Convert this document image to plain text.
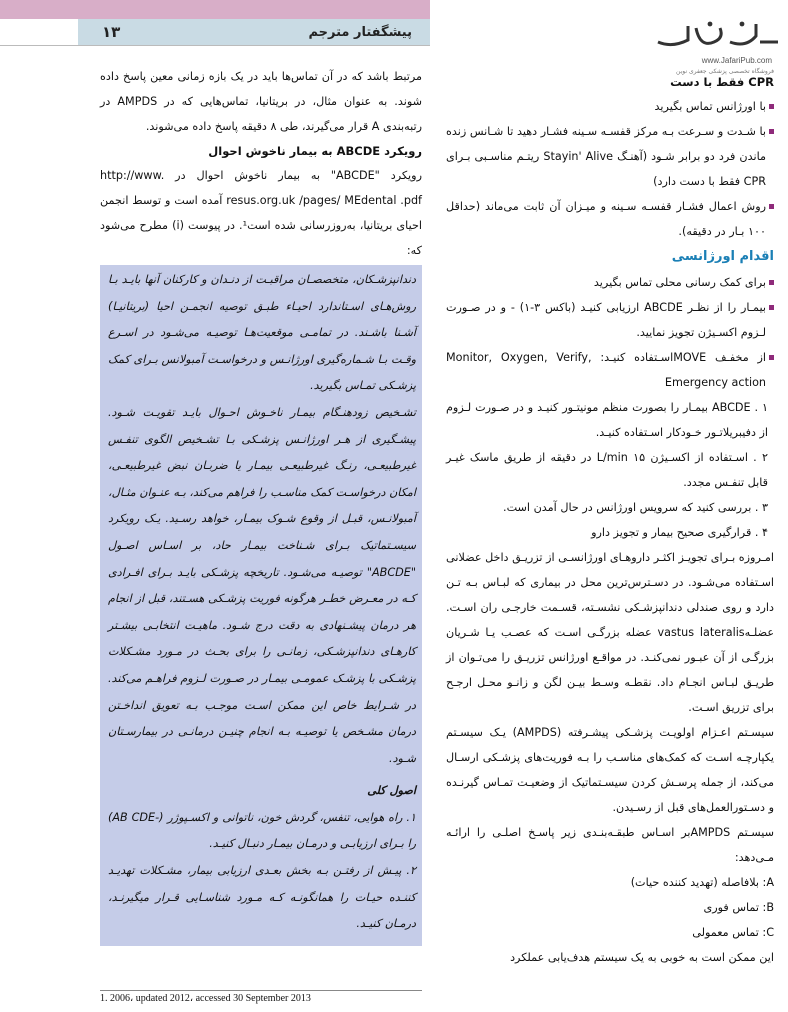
۱۳	پیشگفتار مترجم
www.JafariPub.com
فروشگاه تخصصی پزشکی جعفری نوین

CPR فقط با دست

با اورژانس تماس بگیرید

با شـدت و سـرعت بـه مرکز قفسـه سـینه فشـار دهید تا شـانس زنده ماندن فرد دو برابر شـود (آهنـگ Stayin' Alive ریتـم مناسـبی بـرای CPR فقط با دست دارد)

روش اعمال فشـار قفسـه سـینه و میـزان آن ثابت می‌ماند (حداقل ۱۰۰ بـار در دقیقه).

اقدام اورژانسی

برای کمک رسانی محلی تماس بگیرید

بیمـار را از نظـر ABCDE ارزیابی کنیـد (باکس ۳-۱) - و در صـورت لـزوم اکسـیژن تجویز نمایید.

از مخفـف MOVEاسـتفاده کنیـد: Monitor, Oxygen, Verify, Emergency action

۱ . ABCDE بیمـار را بصورت منظم مونیتـور کنیـد و در صـورت لـزوم از دفیبریلاتـور خـودکار اسـتفاده کنیـد.

۲ . اسـتفاده از اکسـیژن ۱۵ L/min در دقیقه از طریق ماسک غیـر قابل تنفـس مجدد.

۳ . بررسی کنید که سرویس اورژانس در حال آمدن است.

۴ . قرارگیری صحیح بیمار و تجویز دارو

امـروزه بـرای تجویـز اکثـر داروهـای اورژانسـی از تزریـق داخل عضلانی اسـتفاده می‌شـود. در دسـترس‌ترین محل در بیماری که لبـاس بـه تـن دارد و روی صندلی دندانپزشـکی نشسـته، قسـمت خارجـی ران اسـت. عضلـهvastus lateralis عضله بزرگـی اسـت که عصـب یـا شـریان بزرگـی از آن عبـور نمی‌کنـد. در مواقـع اورژانس تزریـق را می‌تـوان از طریـق لبـاس انجـام داد. نقطـه وسـط بیـن لگن و زانـو محـل ارجـح برای تزریق اسـت.

سیسـتم اعـزام اولویـت پزشـکی پیشـرفته (AMPDS) یـک سیسـتم یکپارچـه اسـت که کمک‌های مناسـب را بـه فوریت‌های پزشـکی ارسـال می‌کند، از جمله پرسـش کردن سیسـتماتیک از وضعیـت تمـاس گیرنـده و دسـتورالعمل‌های قبل از رسـیدن.

سیسـتم AMPDSبر اسـاس طبقـه‌بنـدی زیر پاسـخ اصلـی را ارائـه مـی‌دهد:

A: بلافاصله (تهدید کننده حیات)

B: تماس فوری

C: تماس معمولی

این ممکن است به خوبی به یک سیستم هدف‌یابی عملکرد

مرتبط باشد که در آن تماس‌ها باید در یک بازه زمانی معین پاسخ داده شوند. به عنوان مثال، در بریتانیا، تماس‌هایی که در AMPDS در رتبه‌بندی A قرار می‌گیرند، طی ۸ دقیقه پاسخ داده می‌شوند.

رویکرد ABCDE به بیمار ناخوش احوال

رویکرد "ABCDE" به بیمار ناخوش احوال در http://www. resus.org.uk /pages/ MEdental .pdf آمده است و توسط انجمن احیای بریتانیا، به‌روزرسانی شده است¹. در پیوست (i) مطرح می‌شود که:

دندانپزشـکان، متخصصـان مراقبـت از دنـدان و کارکنان آنها بایـد بـا روش‌هـای اسـتاندارد احیـاء طبـق توصیه انجمـن احیا (بریتانیـا) آشـنا باشـند. در تمامـی موقعیت‌هـا توصیـه می‌شـود در اسـرع وقـت بـا شـماره‌گیری اورژانـس و درخواسـت آمبولانس بـرای کمک پزشـکی تمـاس بگیرید.

تشـخیص زودهنـگام بیمـار ناخـوش احـوال بایـد تقویـت شـود. پیشـگیری از هـر اورژانـس پزشـکی بـا تشـخیص الگوی تنفـس غیرطبیعـی، رنـگ غیرطبیعـی بیمـار یا ضربـان نبض غیرطبیعـی، امکان درخواسـت کمک مناسـب را فراهم می‌کند، بـه عنـوان مثـال، آمبولانـس، قبـل از وقوع شـوک بیمـار، خواهد رسـید. یـک رویکرد سیسـتماتیک بـرای شـناخت بیمـار حاد، بر اسـاس اصـول "ABCDE" توصیـه می‌شـود. تاریخچه پزشـکی بایـد بـرای افـرادی کـه در معـرض خطـر هرگونه فوریت پزشـکی هسـتند، قبل از انجام هر درمان پیشـنهادی به دقت درج شـود. ماهیـت انتخابـی بیشـتر کارهـای دندانپزشـکی، زمانـی را برای بحـث در مـورد مشـکلات پزشـکی با پزشـک عمومـی بیمـار در صـورت لـزوم فراهـم می‌کند. در شـرایط خاص این ممکن اسـت موجـب بـه تعویق انداخـتن درمان مشـخص یا توصیـه بـه انجام چنیـن درمانـی در بیمارسـتان شـود.

اصول کلی

۱. راه هوایی، تنفس، گردش خون، ناتوانی و اکسـپوژر (-AB CDE) را بـرای ارزیابـی و درمـان بیمـار دنبـال کنیـد.

۲. پیـش از رفتـن بـه بخش بعـدی ارزیابی بیمار، مشـکلات تهدیـد کننـده حیـات را همانگونـه کـه مـورد شناسـایی قـرار میگیرنـد، درمـان کنیـد.

1. 2006، updated 2012، accessed 30 September 2013
